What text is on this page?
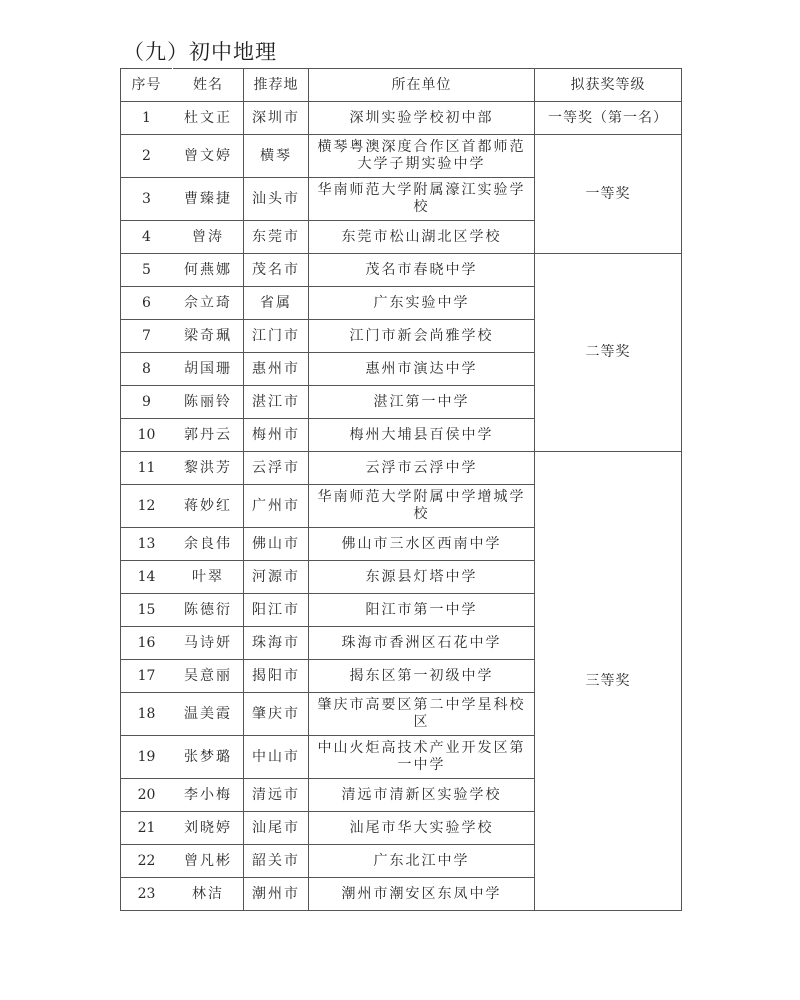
（九）初中地理
序号	姓名	推荐地	所在单位	拟获奖等级
1	杜文正	深圳市	深圳实验学校初中部	一等奖（第一名）
2	曾文婷	横琴	横琴粤澳深度合作区首都师范大学子期实验中学	一等奖
3	曹臻捷	汕头市	华南师范大学附属濠江实验学校	
4	曾涛	东莞市	东莞市松山湖北区学校	
5	何燕娜	茂名市	茂名市春晓中学	二等奖
6	佘立琦	省属	广东实验中学	
7	梁奇珮	江门市	江门市新会尚雅学校	
8	胡国珊	惠州市	惠州市演达中学	
9	陈丽铃	湛江市	湛江第一中学	
10	郭丹云	梅州市	梅州大埔县百侯中学	
11	黎洪芳	云浮市	云浮市云浮中学	三等奖
12	蒋妙红	广州市	华南师范大学附属中学增城学校	
13	余良伟	佛山市	佛山市三水区西南中学	
14	叶翠	河源市	东源县灯塔中学	
15	陈德衍	阳江市	阳江市第一中学	
16	马诗妍	珠海市	珠海市香洲区石花中学	
17	吴意丽	揭阳市	揭东区第一初级中学	
18	温美霞	肇庆市	肇庆市高要区第二中学星科校区	
19	张梦璐	中山市	中山火炬高技术产业开发区第一中学	
20	李小梅	清远市	清远市清新区实验学校	
21	刘晓婷	汕尾市	汕尾市华大实验学校	
22	曾凡彬	韶关市	广东北江中学	
23	林洁	潮州市	潮州市潮安区东凤中学	
